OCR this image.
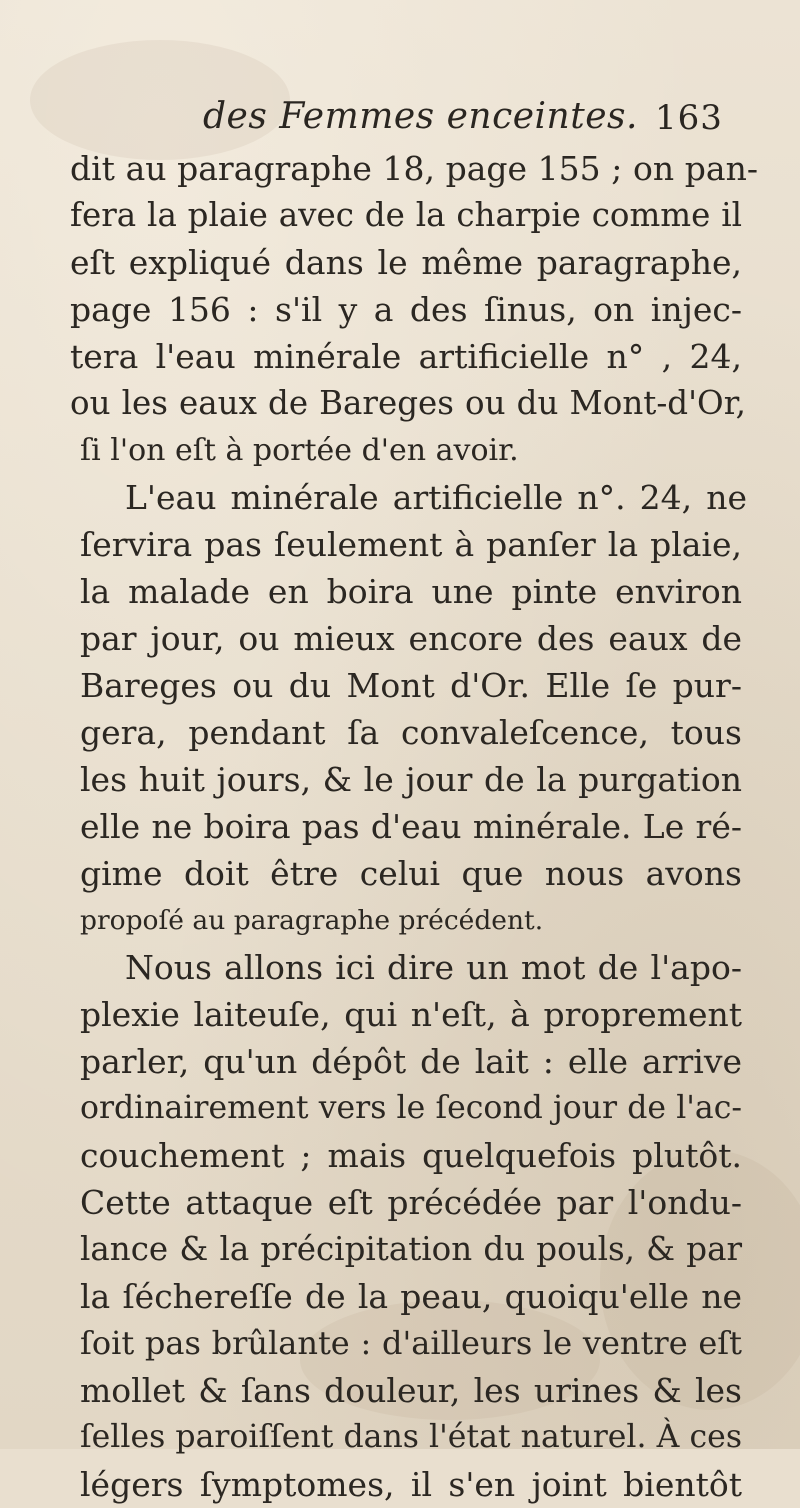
des Femmes enceintes. 163
dit au paragraphe 18, page 155 ; on pan-
fera la plaie avec de la charpie comme il
eſt expliqué dans le même paragraphe,
page 156 : s'il y a des ſinus, on injec-
tera l'eau minérale artificielle n° , 24,
ou les eaux de Bareges ou du Mont-d'Or,
ſi l'on eſt à portée d'en avoir.
L'eau minérale artificielle n°. 24, ne
ſervira pas ſeulement à panſer la plaie,
la malade en boira une pinte environ
par jour, ou mieux encore des eaux de
Bareges ou du Mont d'Or. Elle ſe pur-
gera, pendant ſa convaleſcence, tous
les huit jours, & le jour de la purgation
elle ne boira pas d'eau minérale. Le ré-
gime doit être celui que nous avons
propoſé au paragraphe précédent.
Nous allons ici dire un mot de l'apo-
plexie laiteuſe, qui n'eſt, à proprement
parler, qu'un dépôt de lait : elle arrive
ordinairement vers le ſecond jour de l'ac-
couchement ; mais quelquefois plutôt.
Cette attaque eſt précédée par l'ondu-
lance & la précipitation du pouls, & par
la ſéchereſſe de la peau, quoiqu'elle ne
ſoit pas brûlante : d'ailleurs le ventre eſt
mollet & ſans douleur, les urines & les
ſelles paroiſſent dans l'état naturel. À ces
légers ſymptomes, il s'en joint bientôt
